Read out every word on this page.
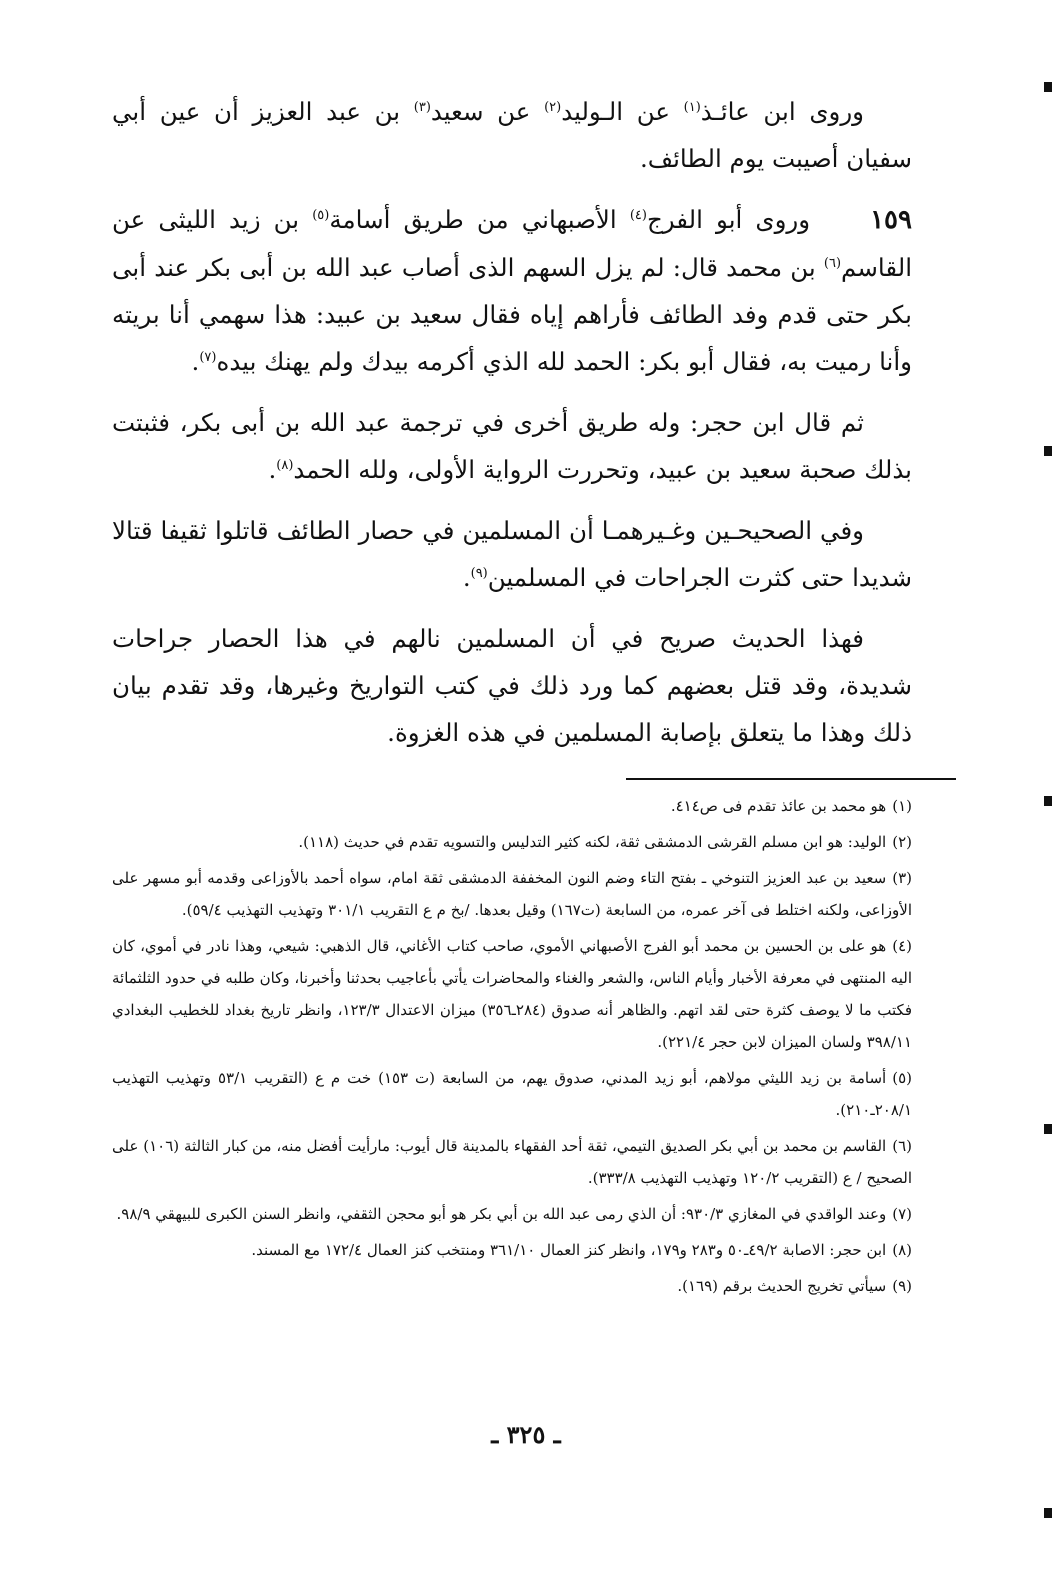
وروى ابن عائـذ$^{(١)}$ عن الـوليد$^{(٢)}$ عن سعيد$^{(٣)}$ بن عبد العزيز أن عين أبي سفيان أصيبت يوم الطائف.

١٥٩وروى أبو الفرج$^{(٤)}$ الأصبهاني من طريق أسامة$^{(٥)}$ بن زيد الليثى عن القاسم$^{(٦)}$ بن محمد قال: لم يزل السهم الذى أصاب عبد الله بن أبى بكر عند أبى بكر حتى قدم وفد الطائف فأراهم إياه فقال سعيد بن عبيد: هذا سهمي أنا بريته وأنا رميت به، فقال أبو بكر: الحمد لله الذي أكرمه بيدك ولم يهنك بيده$^{(٧)}$.

ثم قال ابن حجر: وله طريق أخرى في ترجمة عبد الله بن أبى بكر، فثبتت بذلك صحبة سعيد بن عبيد، وتحررت الرواية الأولى، ولله الحمد$^{(٨)}$.

وفي الصحيحـين وغـيرهمـا أن المسلمين في حصار الطائف قاتلوا ثقيفا قتالا شديدا حتى كثرت الجراحات في المسلمين$^{(٩)}$.

فهذا الحديث صريح في أن المسلمين نالهم في هذا الحصار جراحات شديدة، وقد قتل بعضهم كما ورد ذلك في كتب التواريخ وغيرها، وقد تقدم بيان ذلك وهذا ما يتعلق بإصابة المسلمين في هذه الغزوة.

(١)هو محمد بن عائذ تقدم فى ص٤١٤.

(٢)الوليد: هو ابن مسلم القرشى الدمشقى ثقة، لكنه كثير التدليس والتسويه تقدم في حديث (١١٨).

(٣)سعيد بن عبد العزيز التنوخي ـ بفتح التاء وضم النون المخففة الدمشقى ثقة امام، سواه أحمد بالأوزاعى وقدمه أبو مسهر على الأوزاعى، ولكنه اختلط فى آخر عمره، من السابعة (ت١٦٧) وقيل بعدها. /بخ م ع التقريب ٣٠١/١ وتهذيب التهذيب ٥٩/٤).

(٤)هو على بن الحسين بن محمد أبو الفرج الأصبهاني الأموي، صاحب كتاب الأغاني، قال الذهبي: شيعي، وهذا نادر في أموي، كان اليه المنتهى في معرفة الأخبار وأيام الناس، والشعر والغناء والمحاضرات يأتي بأعاجيب بحدثنا وأخبرنا، وكان طلبه في حدود الثلثمائة فكتب ما لا يوصف كثرة حتى لقد اتهم. والظاهر أنه صدوق (٢٨٤ـ٣٥٦) ميزان الاعتدال ١٢٣/٣، وانظر تاريخ بغداد للخطيب البغدادي ٣٩٨/١١ ولسان الميزان لابن حجر ٢٢١/٤).

(٥)أسامة بن زيد الليثي مولاهم، أبو زيد المدني، صدوق يهم، من السابعة (ت ١٥٣) خت م ع (التقريب ٥٣/١ وتهذيب التهذيب ٢٠٨/١ـ٢١٠).

(٦)القاسم بن محمد بن أبي بكر الصديق التيمي، ثقة أحد الفقهاء بالمدينة قال أيوب: مارأيت أفضل منه، من كبار الثالثة (١٠٦) على الصحيح / ع (التقريب ١٢٠/٢ وتهذيب التهذيب ٣٣٣/٨).

(٧)وعند الواقدي في المغازي ٩٣٠/٣: أن الذي رمى عبد الله بن أبي بكر هو أبو محجن الثقفي، وانظر السنن الكبرى للبيهقي ٩٨/٩.

(٨)ابن حجر: الاصابة ٤٩/٢ـ٥٠ و٢٨٣ و١٧٩، وانظر كنز العمال ٣٦١/١٠ ومنتخب كنز العمال ١٧٢/٤ مع المسند.

(٩)سيأتي تخريج الحديث برقم (١٦٩).

ـ ٣٢٥ ـ
